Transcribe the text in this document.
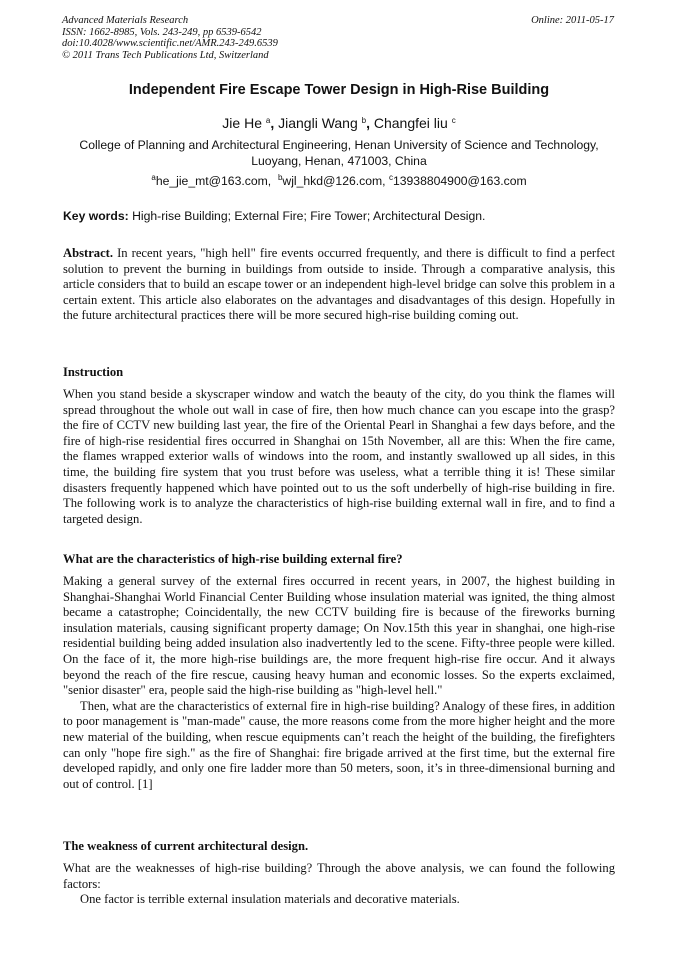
Advanced Materials Research
ISSN: 1662-8985, Vols. 243-249, pp 6539-6542
doi:10.4028/www.scientific.net/AMR.243-249.6539
© 2011 Trans Tech Publications Ltd, Switzerland
Online: 2011-05-17
Independent Fire Escape Tower Design in High-Rise Building
Jie He $^a$, Jiangli Wang $^b$, Changfei liu $^c$
College of Planning and Architectural Engineering, Henan University of Science and Technology,
Luoyang, Henan, 471003, China
$^a$he_jie_mt@163.com, $^b$wjl_hkd@126.com, $^c$13938804900@163.com
Key words: High-rise Building; External Fire; Fire Tower; Architectural Design.

Abstract. In recent years, "high hell" fire events occurred frequently, and there is difficult to find a perfect solution to prevent the burning in buildings from outside to inside. Through a comparative analysis, this article considers that to build an escape tower or an independent high-level bridge can solve this problem in a certain extent. This article also elaborates on the advantages and disadvantages of this design. Hopefully in the future architectural practices there will be more secured high-rise building coming out.

Instruction

When you stand beside a skyscraper window and watch the beauty of the city, do you think the flames will spread throughout the whole out wall in case of fire, then how much chance can you escape into the grasp? the fire of CCTV new building last year, the fire of the Oriental Pearl in Shanghai a few days before, and the fire of high-rise residential fires occurred in Shanghai on 15th November, all are this: When the fire came, the flames wrapped exterior walls of windows into the room, and instantly swallowed up all sides, in this time, the building fire system that you trust before was useless, what a terrible thing it is! These similar disasters frequently happened which have pointed out to us the soft underbelly of high-rise building in fire. The following work is to analyze the characteristics of high-rise building external wall in fire, and to find a targeted design.

What are the characteristics of high-rise building external fire?

Making a general survey of the external fires occurred in recent years, in 2007, the highest building in Shanghai-Shanghai World Financial Center Building whose insulation material was ignited, the thing almost became a catastrophe; Coincidentally, the new CCTV building fire is because of the fireworks burning insulation materials, causing significant property damage; On Nov.15th this year in shanghai, one high-rise residential building being added insulation also inadvertently led to the scene. Fifty-three people were killed. On the face of it, the more high-rise buildings are, the more frequent high-rise fire occur. And it always beyond the reach of the fire rescue, causing heavy human and economic losses. So the experts exclaimed, "senior disaster" era, people said the high-rise building as "high-level hell."

Then, what are the characteristics of external fire in high-rise building? Analogy of these fires, in addition to poor management is "man-made" cause, the more reasons come from the more higher height and the more new material of the building, when rescue equipments can’t reach the height of the building, the firefighters can only "hope fire sigh." as the fire of Shanghai: fire brigade arrived at the first time, but the external fire developed rapidly, and only one fire ladder more than 50 meters, soon, it’s in three-dimensional burning and out of control. [1]

The weakness of current architectural design.

What are the weaknesses of high-rise building? Through the above analysis, we can found the following factors:

One factor is terrible external insulation materials and decorative materials.
